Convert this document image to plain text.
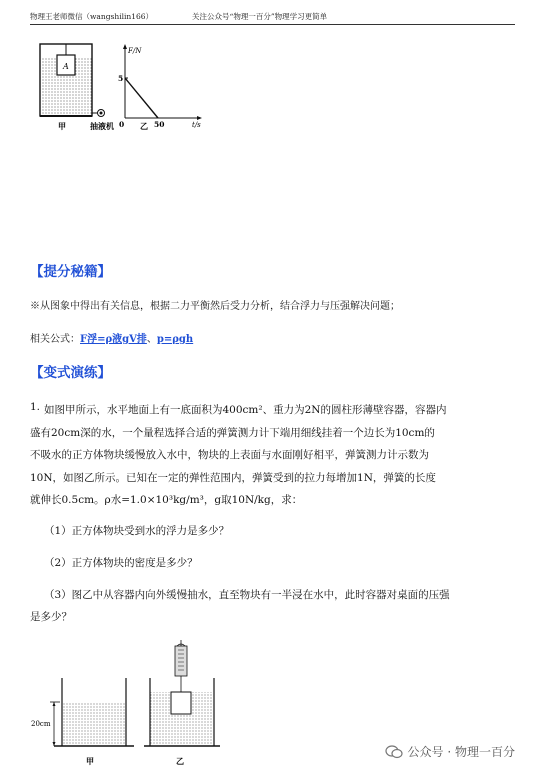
物理王老师微信（wangshilin166）	关注公众号“物理一百分”物理学习更简单
A
甲	抽液机
F/N
t/s
5
0	50
乙
【提分秘籍】
※从图象中得出有关信息，根据二力平衡然后受力分析，结合浮力与压强解决问题；
相关公式：F浮=ρ液gV排、p=ρgh
【变式演练】
1. 如图甲所示，水平地面上有一底面积为400cm²、重力为2N的圆柱形薄壁容器，容器内
盛有20cm深的水，一个量程选择合适的弹簧测力计下端用细线挂着一个边长为10cm的
不吸水的正方体物块缓慢放入水中，物块的上表面与水面刚好相平，弹簧测力计示数为
10N，如图乙所示。已知在一定的弹性范围内，弹簧受到的拉力每增加1N，弹簧的长度
就伸长0.5cm。ρ水=1.0×10³kg/m³，g取10N/kg，求：
（1）正方体物块受到水的浮力是多少？
（2）正方体物块的密度是多少？
（3）图乙中从容器内向外缓慢抽水，直至物块有一半浸在水中，此时容器对桌面的压强
是多少？
20cm
甲	乙
公众号 · 物理一百分
